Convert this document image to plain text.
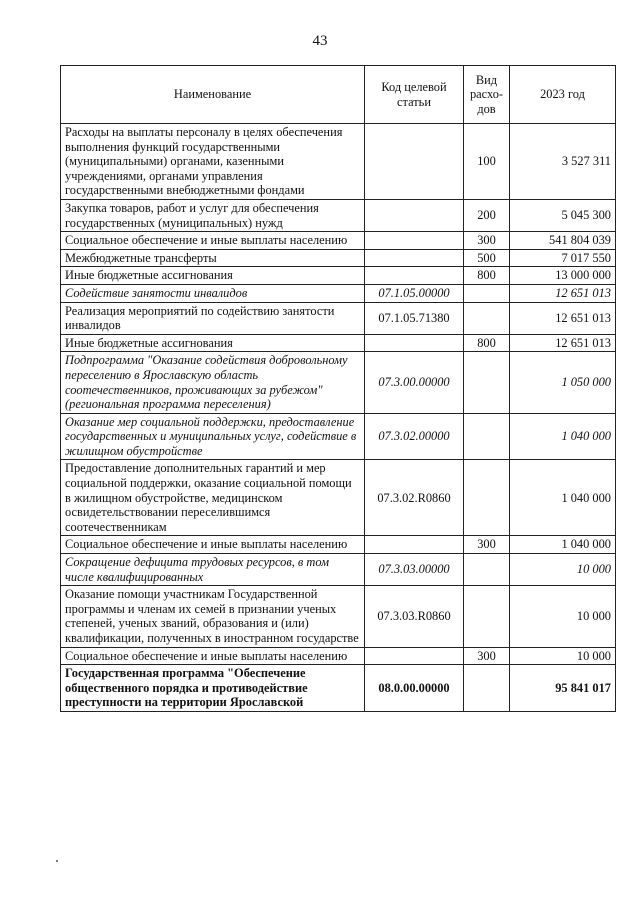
43
Наименование	Код целевой статьи	Вид расхо-дов	2023 год
Расходы на выплаты персоналу в целях обеспечения выполнения функций государственными (муниципальными) органами, казенными учреждениями, органами управления государственными внебюджетными фондами		100	3 527 311
Закупка товаров, работ и услуг для обеспечения государственных (муниципальных) нужд		200	5 045 300
Социальное обеспечение и иные выплаты населению		300	541 804 039
Межбюджетные трансферты		500	7 017 550
Иные бюджетные ассигнования		800	13 000 000
Содействие занятости инвалидов	07.1.05.00000		12 651 013
Реализация мероприятий по содействию занятости инвалидов	07.1.05.71380		12 651 013
Иные бюджетные ассигнования		800	12 651 013
Подпрограмма "Оказание содействия добровольному переселению в Ярославскую область соотечественников, проживающих за рубежом" (региональная программа переселения)	07.3.00.00000		1 050 000
Оказание мер социальной поддержки, предоставление государственных и муниципальных услуг, содействие в жилищном обустройстве	07.3.02.00000		1 040 000
Предоставление дополнительных гарантий и мер социальной поддержки, оказание социальной помощи в жилищном обустройстве, медицинском освидетельствовании переселившимся соотечественникам	07.3.02.R0860		1 040 000
Социальное обеспечение и иные выплаты населению		300	1 040 000
Сокращение дефицита трудовых ресурсов, в том числе квалифицированных	07.3.03.00000		10 000
Оказание помощи участникам Государственной программы и членам их семей в признании ученых степеней, ученых званий, образования и (или) квалификации, полученных в иностранном государстве	07.3.03.R0860		10 000
Социальное обеспечение и иные выплаты населению		300	10 000
Государственная программа "Обеспечение общественного порядка и противодействие преступности на территории Ярославской	08.0.00.00000		95 841 017
